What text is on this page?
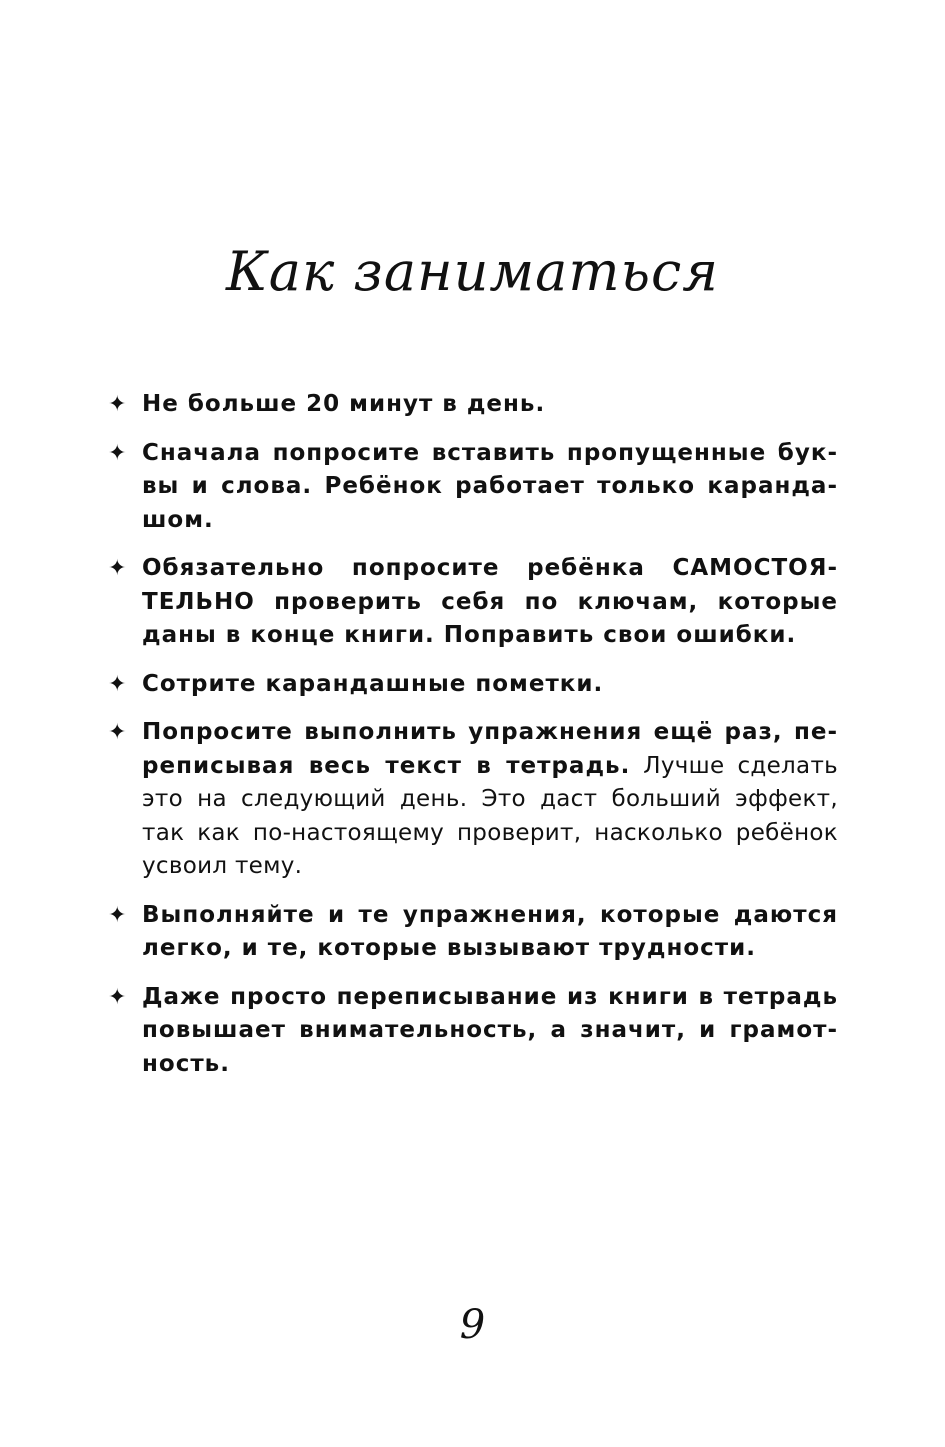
Как заниматься
✦ Не больше 20 минут в день.
✦ Сначала попросите вставить пропущенные бук-вы и слова. Ребёнок работает только каранда-шом.
✦ Обязательно попросите ребёнка САМОСТОЯ-ТЕЛЬНО проверить себя по ключам, которые даны в конце книги. Поправить свои ошибки.
✦ Сотрите карандашные пометки.
✦ Попросите выполнить упражнения ещё раз, пе-реписывая весь текст в тетрадь. Лучше сделать это на следующий день. Это даст больший эффект, так как по-настоящему проверит, насколько ребёнок усвоил тему.
✦ Выполняйте и те упражнения, которые даются легко, и те, которые вызывают трудности.
✦ Даже просто переписывание из книги в тетрадь повышает внимательность, а значит, и грамот-ность.
9
